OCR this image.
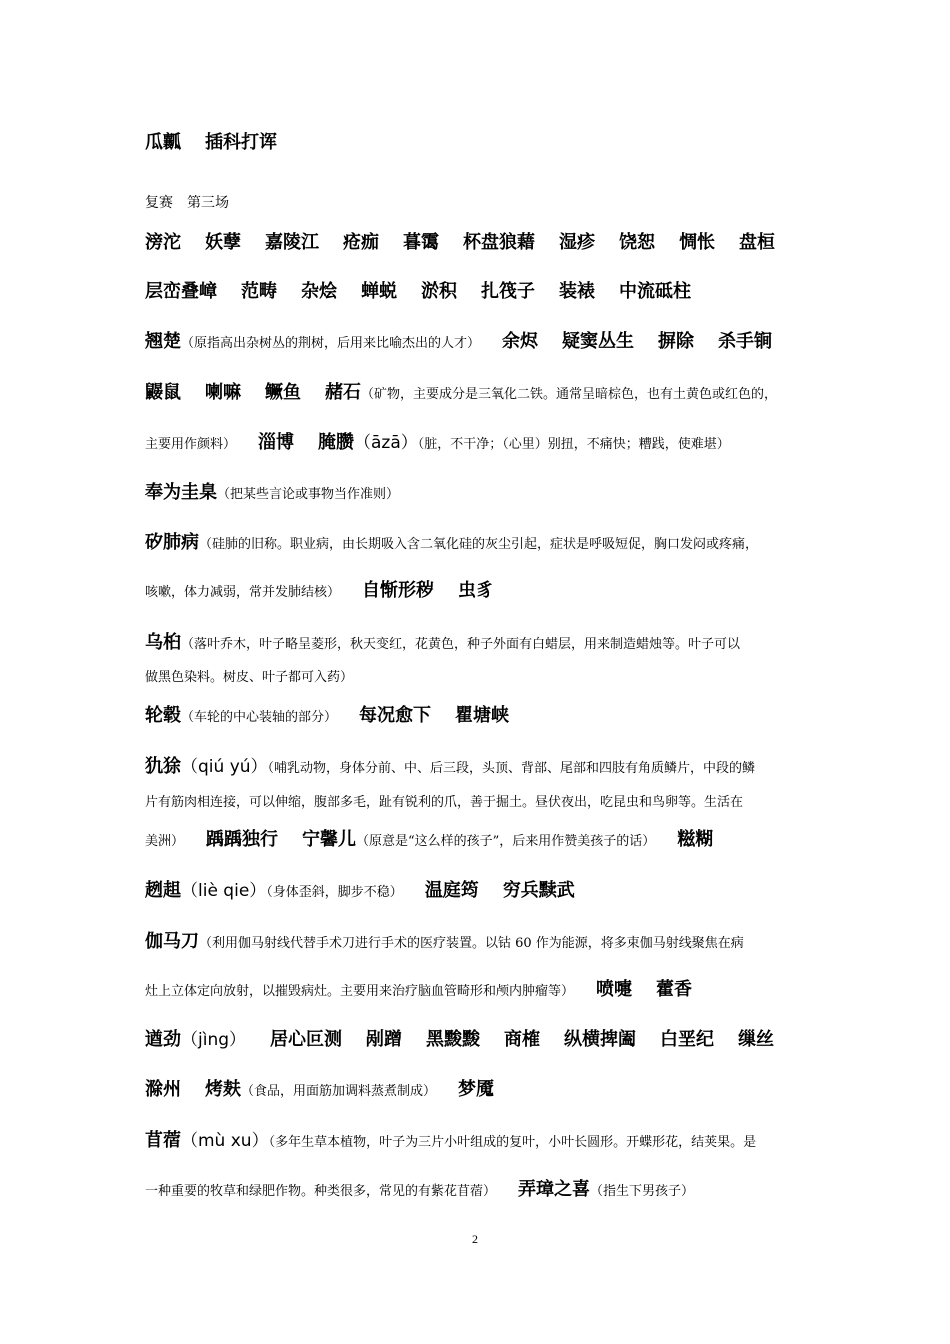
瓜瓤 插科打诨
复赛　第三场
滂沱 妖孽 嘉陵江 疮痂 暮霭 杯盘狼藉 湿疹 饶恕 惆怅 盘桓
层峦叠嶂 范畴 杂烩 蝉蜕 淤积 扎筏子 装裱 中流砥柱
翘楚（原指高出杂树丛的荆树，后用来比喻杰出的人才） 余烬 疑窦丛生 摒除 杀手锏
鼹鼠 喇嘛 鳜鱼 赭石（矿物，主要成分是三氧化二铁。通常呈暗棕色，也有土黄色或红色的，
主要用作颜料） 淄博 腌臜（āzā）（脏，不干净；（心里）别扭，不痛快；糟践，使难堪）
奉为圭臬（把某些言论或事物当作准则）
矽肺病（硅肺的旧称。职业病，由长期吸入含二氧化硅的灰尘引起，症状是呼吸短促，胸口发闷或疼痛，
咳嗽，体力减弱，常并发肺结核） 自惭形秽 虫豸
乌桕（落叶乔木，叶子略呈菱形，秋天变红，花黄色，种子外面有白蜡层，用来制造蜡烛等。叶子可以
做黑色染料。树皮、叶子都可入药）
轮毂（车轮的中心装轴的部分） 每况愈下 瞿塘峡
犰狳（qiú yú）（哺乳动物，身体分前、中、后三段，头顶、背部、尾部和四肢有角质鳞片，中段的鳞
片有筋肉相连接，可以伸缩，腹部多毛，趾有锐利的爪，善于掘土。昼伏夜出，吃昆虫和鸟卵等。生活在
美洲） 踽踽独行 宁馨儿（原意是“这么样的孩子”，后来用作赞美孩子的话） 糍糊
趔趄（liè qie）（身体歪斜，脚步不稳） 温庭筠 穷兵黩武
伽马刀（利用伽马射线代替手术刀进行手术的医疗装置。以钴 60 作为能源，将多束伽马射线聚焦在病
灶上立体定向放射，以摧毁病灶。主要用来治疗脑血管畸形和颅内肿瘤等） 喷嚏 藿香
遒劲（jìng） 居心叵测 剐蹭 黑黢黢 商榷 纵横捭阖 白垩纪 缫丝
滁州 烤麸（食品，用面筋加调料蒸煮制成） 梦魇
苜蓿（mù xu）（多年生草本植物，叶子为三片小叶组成的复叶，小叶长圆形。开蝶形花，结荚果。是
一种重要的牧草和绿肥作物。种类很多，常见的有紫花苜蓿） 弄璋之喜（指生下男孩子）
2
